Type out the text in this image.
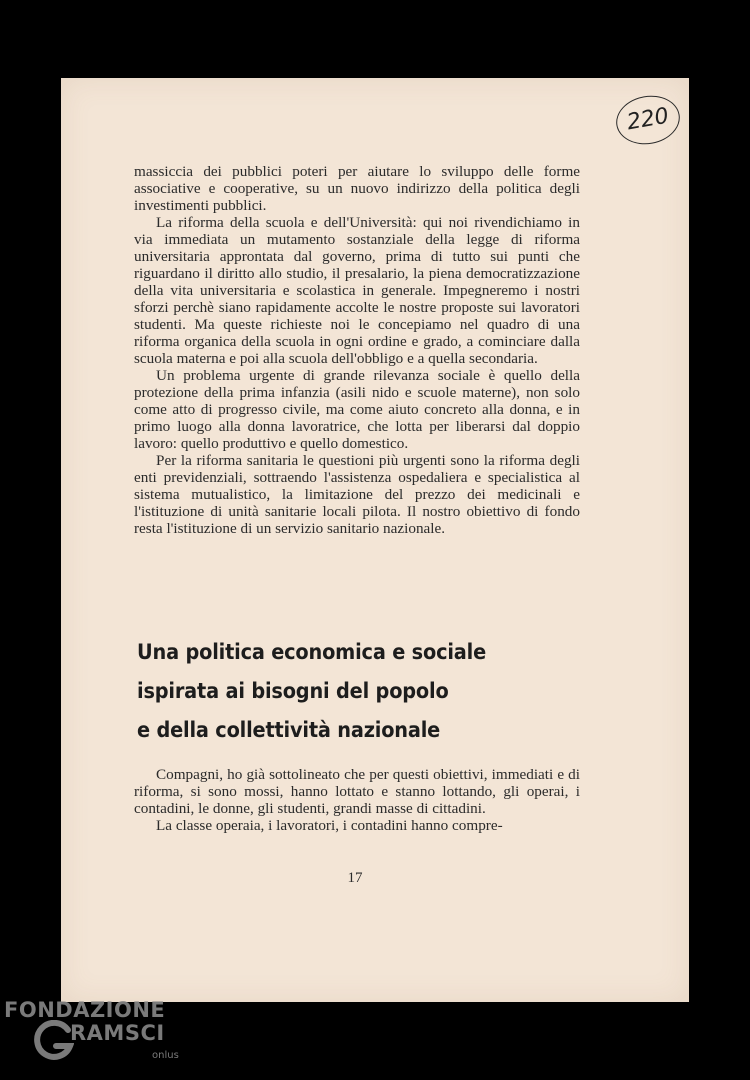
220

massiccia dei pubblici poteri per aiutare lo sviluppo delle forme associative e cooperative, su un nuovo indirizzo della politica degli investimenti pubblici.

La riforma della scuola e dell'Università: qui noi rivendichiamo in via immediata un mutamento sostanziale della legge di riforma universitaria approntata dal governo, prima di tutto sui punti che riguardano il diritto allo studio, il presalario, la piena democratizzazione della vita universitaria e scolastica in generale. Impegneremo i nostri sforzi perchè siano rapidamente accolte le nostre proposte sui lavoratori studenti. Ma queste richieste noi le concepiamo nel quadro di una riforma organica della scuola in ogni ordine e grado, a cominciare dalla scuola materna e poi alla scuola dell'obbligo e a quella secondaria.

Un problema urgente di grande rilevanza sociale è quello della protezione della prima infanzia (asili nido e scuole materne), non solo come atto di progresso civile, ma come aiuto concreto alla donna, e in primo luogo alla donna lavoratrice, che lotta per liberarsi dal doppio lavoro: quello produttivo e quello domestico.

Per la riforma sanitaria le questioni più urgenti sono la riforma degli enti previdenziali, sottraendo l'assistenza ospedaliera e specialistica al sistema mutualistico, la limitazione del prezzo dei medicinali e l'istituzione di unità sanitarie locali pilota. Il nostro obiettivo di fondo resta l'istituzione di un servizio sanitario nazionale.

Una politica economica e sociale
ispirata ai bisogni del popolo
e della collettività nazionale

Compagni, ho già sottolineato che per questi obiettivi, immediati e di riforma, si sono mossi, hanno lottato e stanno lottando, gli operai, i contadini, le donne, gli studenti, grandi masse di cittadini.

La classe operaia, i lavoratori, i contadini hanno compre-

17
FONDAZIONE
RAMSCI
onlus
